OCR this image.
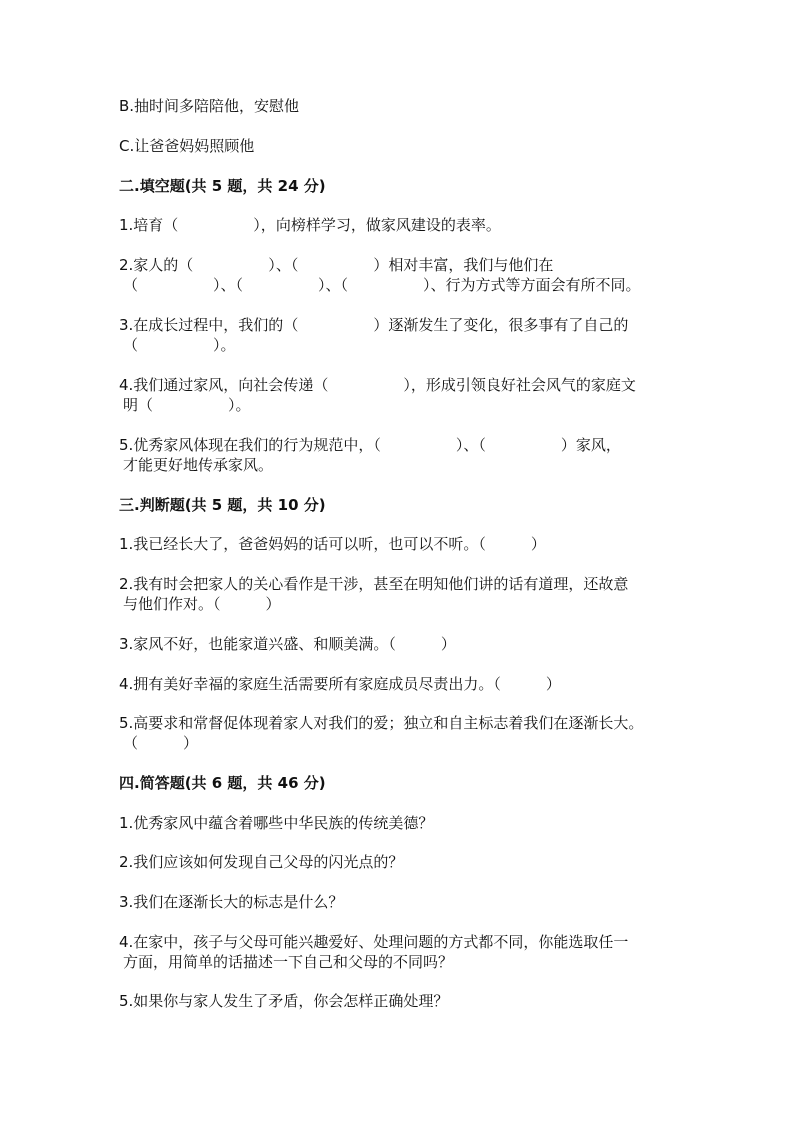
B.抽时间多陪陪他，安慰他
C.让爸爸妈妈照顾他
二.填空题(共 5 题，共 24 分)
1.培育（　　　　　），向榜样学习，做家风建设的表率。
2.家人的（　　　　　）、（　　　　　）相对丰富，我们与他们在
（　　　　　）、（　　　　　）、（　　　　　）、行为方式等方面会有所不同。
3.在成长过程中，我们的（　　　　　）逐渐发生了变化，很多事有了自己的
（　　　　　）。
4.我们通过家风，向社会传递（　　　　　），形成引领良好社会风气的家庭文
明（　　　　　）。
5.优秀家风体现在我们的行为规范中，（　　　　　）、（　　　　　）家风，
才能更好地传承家风。
三.判断题(共 5 题，共 10 分)
1.我已经长大了，爸爸妈妈的话可以听，也可以不听。（　　　）
2.我有时会把家人的关心看作是干涉，甚至在明知他们讲的话有道理，还故意
与他们作对。（　　　）
3.家风不好，也能家道兴盛、和顺美满。（　　　）
4.拥有美好幸福的家庭生活需要所有家庭成员尽责出力。（　　　）
5.高要求和常督促体现着家人对我们的爱；独立和自主标志着我们在逐渐长大。
（　　　）
四.简答题(共 6 题，共 46 分)
1.优秀家风中蕴含着哪些中华民族的传统美德？
2.我们应该如何发现自己父母的闪光点的？
3.我们在逐渐长大的标志是什么？
4.在家中，孩子与父母可能兴趣爱好、处理问题的方式都不同，你能选取任一
方面，用简单的话描述一下自己和父母的不同吗？
5.如果你与家人发生了矛盾，你会怎样正确处理？
